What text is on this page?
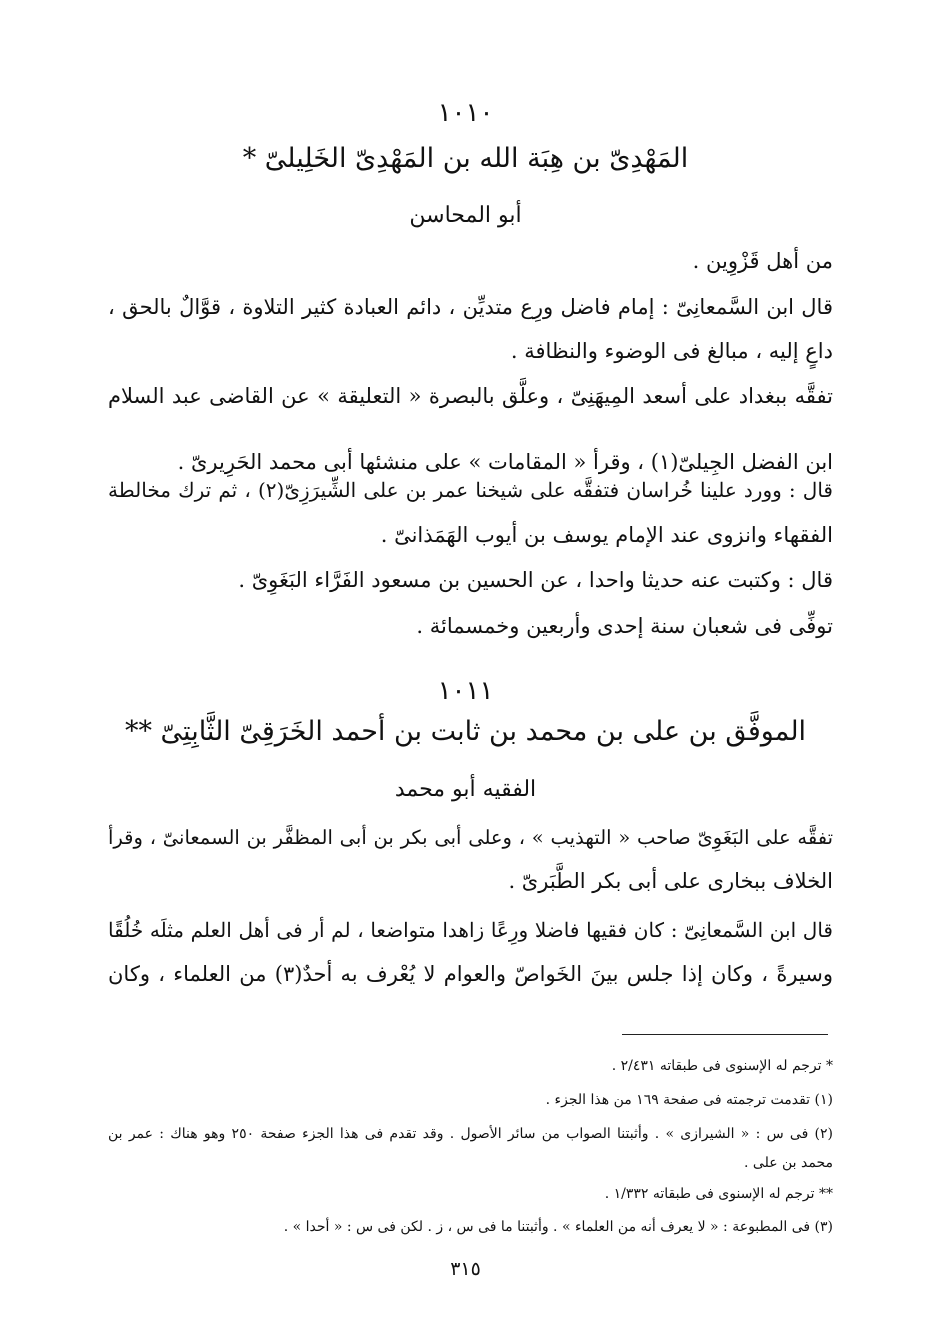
١٠١٠
المَهْدِىّ بن هِبَة الله بن المَهْدِىّ الخَلِيلىّ *
أبو المحاسن
من أهل قَزْوِين .
قال ابن السَّمعانِىّ : إمام فاضل ورِع متديِّن ، دائم العبادة كثير التلاوة ، قوَّالٌ بالحق ،
داعٍ إليه ، مبالغ فى الوضوء والنظافة .
تفقَّه ببغداد على أسعد المِيهَنِىّ ، وعلَّق بالبصرة « التعليقة » عن القاضى عبد السلام
ابن الفضل الجِيلىّ(١) ، وقرأ « المقامات » على منشئها أبى محمد الحَرِيرىّ .
قال : وورد علينا خُراسان فتفقَّه على شيخنا عمر بن على الشِّيرَزِىّ(٢) ، ثم ترك مخالطة
الفقهاء وانزوى عند الإمام يوسف بن أيوب الهَمَذانىّ .
قال : وكتبت عنه حديثا واحدا ، عن الحسين بن مسعود الفَرَّاء البَغَوِىّ .
توفِّى فى شعبان سنة إحدى وأربعين وخمسمائة .
١٠١١
الموفَّق بن على بن محمد بن ثابت بن أحمد الخَرَقِىّ الثَّابِتِىّ **
الفقيه أبو محمد
تفقَّه على البَغَوِىّ صاحب « التهذيب » ، وعلى أبى بكر بن أبى المظفَّر بن السمعانىّ ، وقرأ
الخلاف ببخارى على أبى بكر الطَّبَرىّ .
قال ابن السَّمعانِىّ : كان فقيها فاضلا ورِعًا زاهدا متواضعا ، لم أر فى أهل العلم مثلَه خُلُقًا
وسيرةً ، وكان إذا جلس بينَ الخَواصّ والعوام لا يُعْرف به أحدٌ(٣) من العلماء ، وكان
* ترجم له الإسنوى فى طبقاته ٢/٤٣١ .
(١) تقدمت ترجمته فى صفحة ١٦٩ من هذا الجزء .
(٢) فى س : « الشيرازى » . وأثبتنا الصواب من سائر الأصول . وقد تقدم فى هذا الجزء صفحة ٢٥٠ وهو هناك : عمر بن
محمد بن على .
** ترجم له الإسنوى فى طبقاته ١/٣٣٢ .
(٣) فى المطبوعة : « لا يعرف أنه من العلماء » . وأثبتنا ما فى س ، ز . لكن فى س : « أحدا » .
٣١٥
